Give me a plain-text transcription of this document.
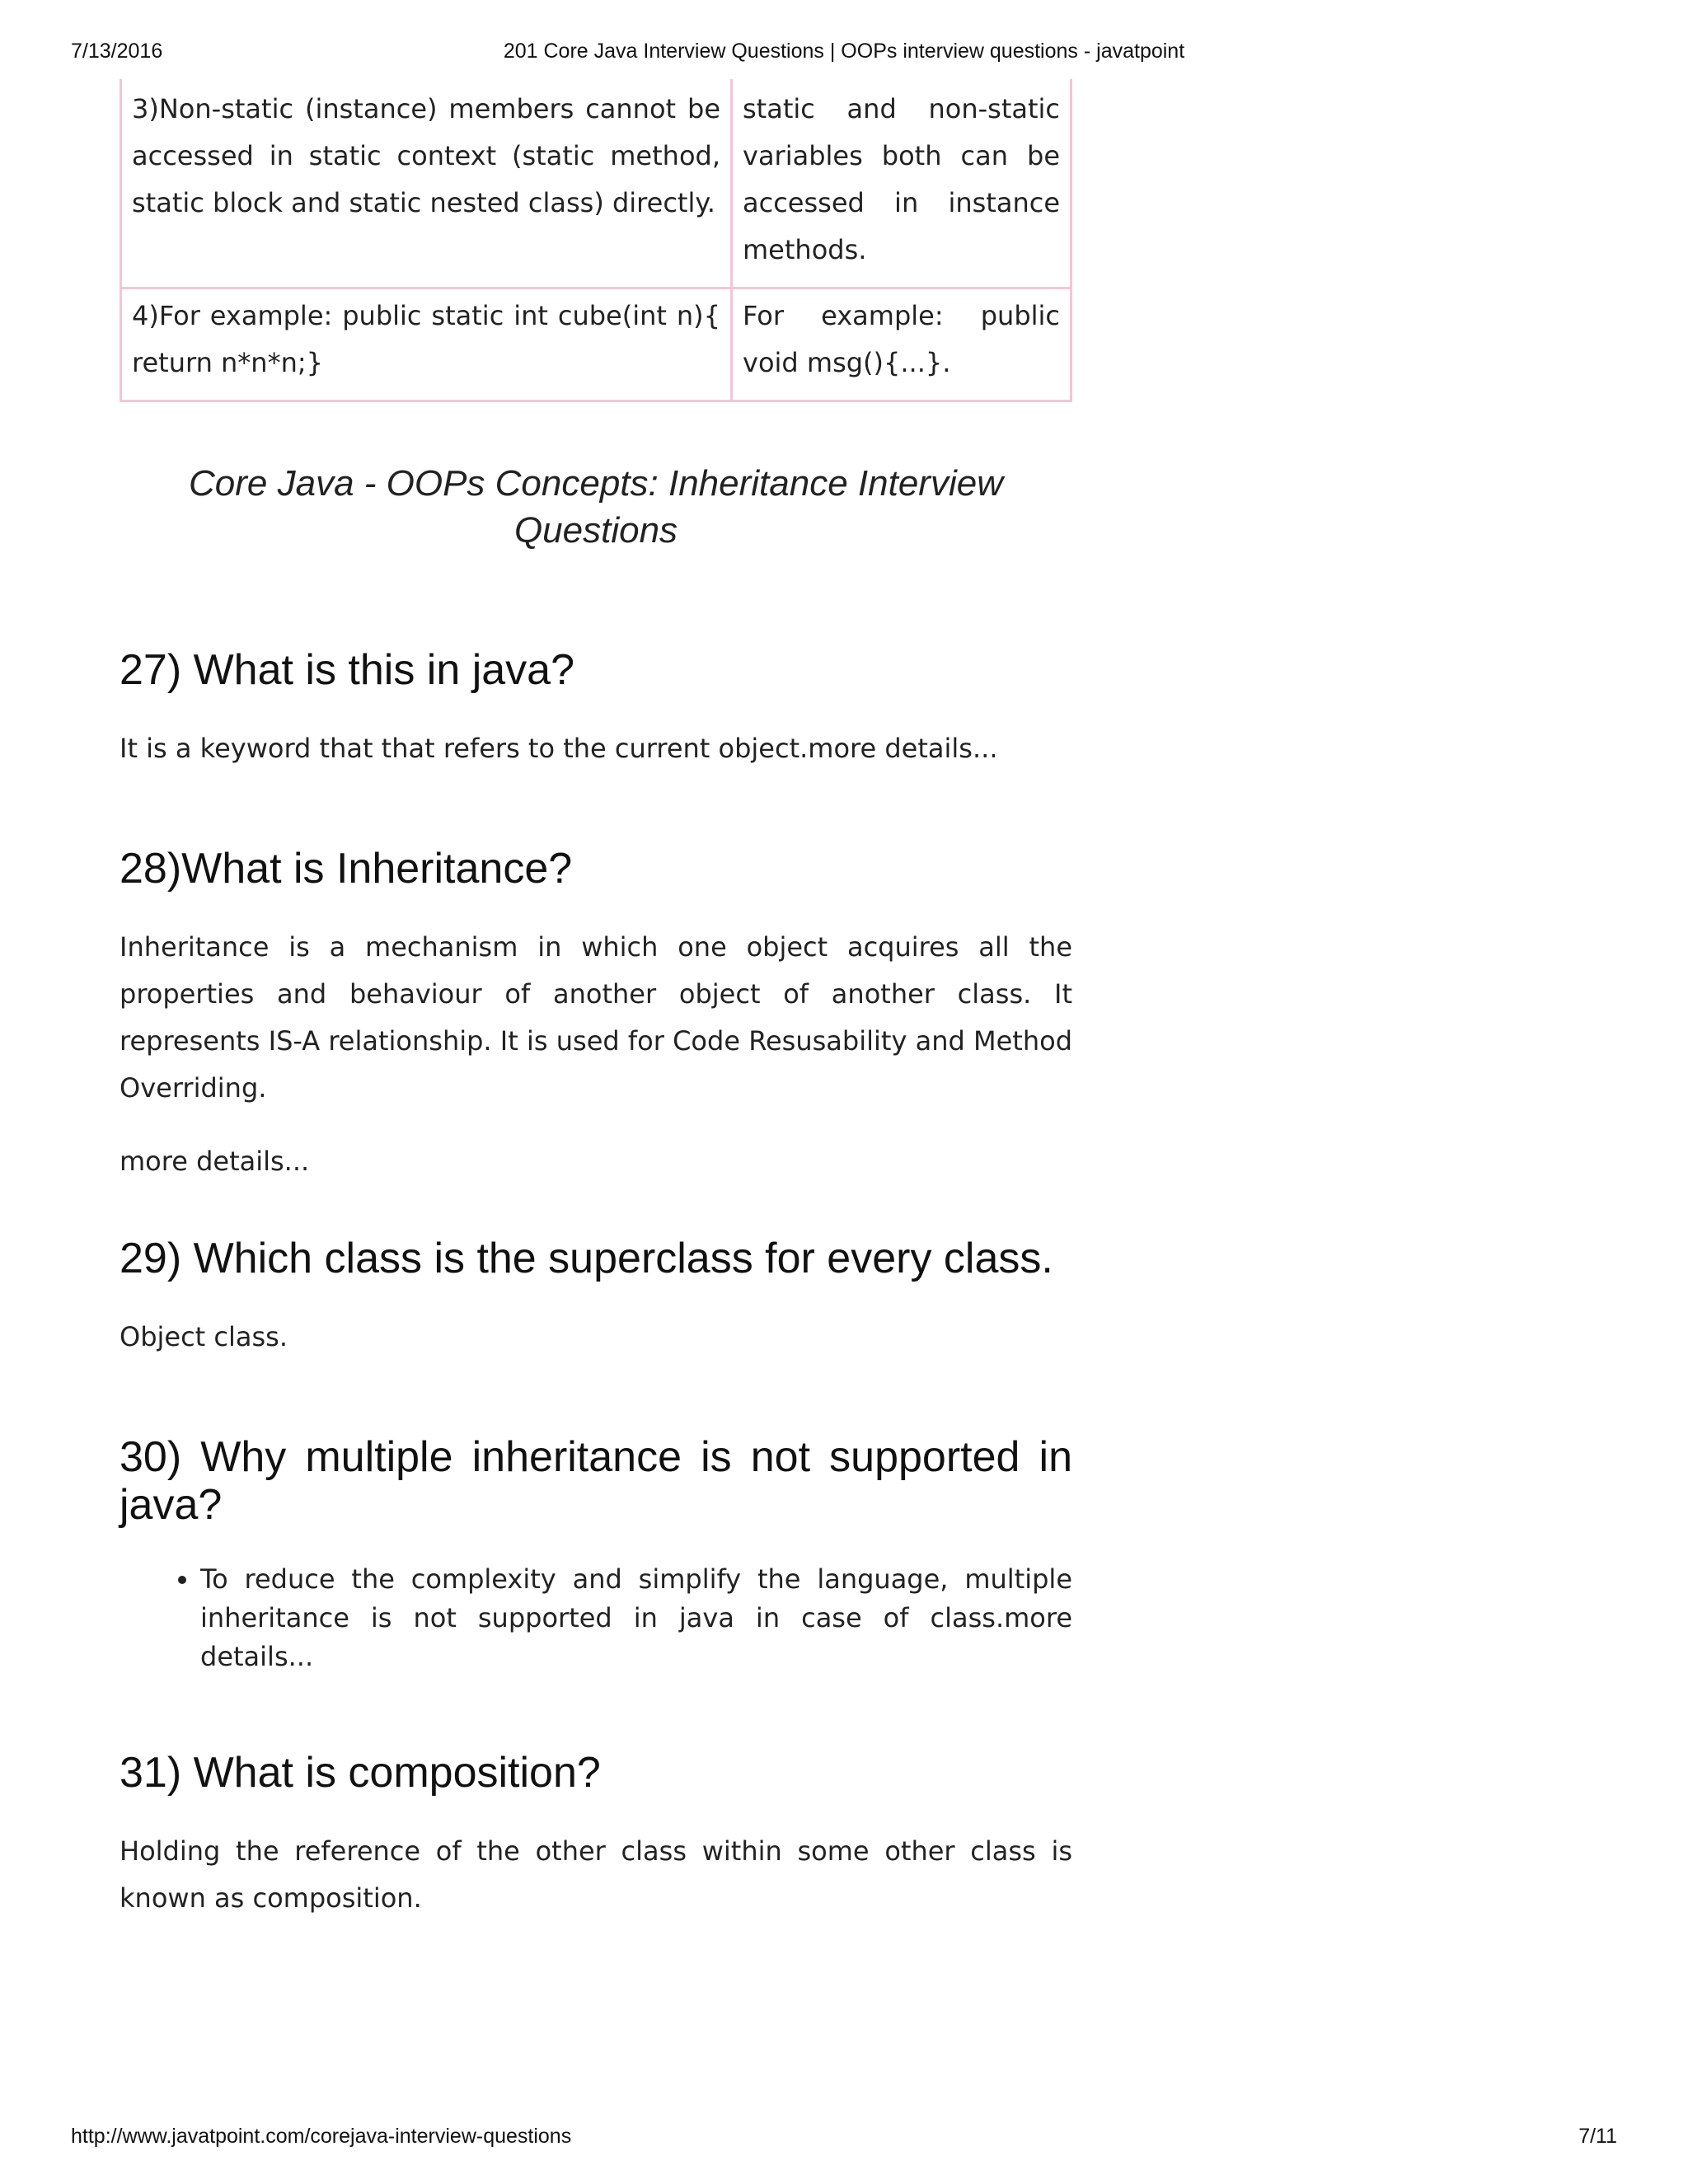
201 Core Java Interview Questions | OOPs interview questions - javatpoint
7/13/2016
3)Non-static (instance) members cannot be accessed in static context (static method, static block and static nested class) directly.	static and non-static variables both can be accessed in instance methods.
4)For example: public static int cube(int n){ return n*n*n;}	For example: public void msg(){...}.
Core Java - OOPs Concepts: Inheritance Interview Questions
27) What is this in java?

It is a keyword that that refers to the current object.more details...

28)What is Inheritance?

Inheritance is a mechanism in which one object acquires all the properties and behaviour of another object of another class. It represents IS-A relationship. It is used for Code Resusability and Method Overriding.

more details...

29) Which class is the superclass for every class.

Object class.

30) Why multiple inheritance is not supported in java?
• To reduce the complexity and simplify the language, multiple inheritance is not supported in java in case of class.more details...
31) What is composition?

Holding the reference of the other class within some other class is known as composition.

http://www.javatpoint.com/corejava-interview-questions	7/11
